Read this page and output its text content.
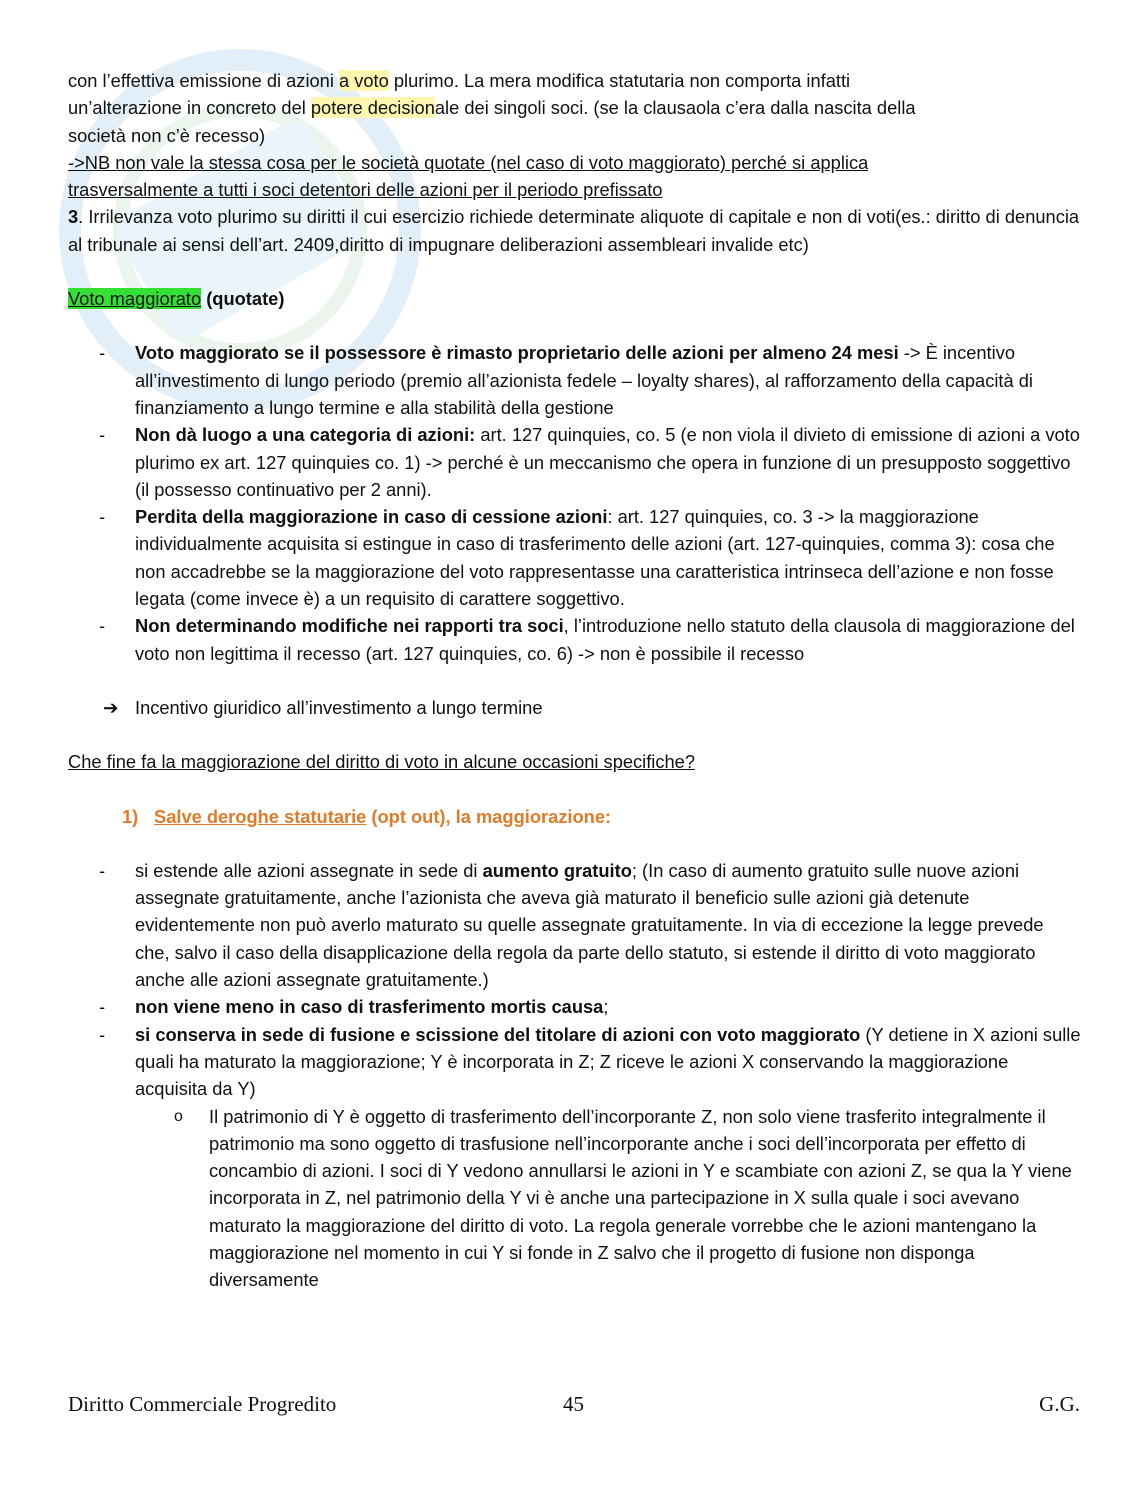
con l’effettiva emissione di azioni a voto plurimo. La mera modifica statutaria non comporta infatti

un’alterazione in concreto del potere decisionale dei singoli soci. (se la clausaola c’era dalla nascita della

società non c’è recesso)

->NB non vale la stessa cosa per le società quotate (nel caso di voto maggiorato) perché si applica

trasversalmente a tutti i soci detentori delle azioni per il periodo prefissato

3. Irrilevanza voto plurimo su diritti il cui esercizio richiede determinate aliquote di capitale e non di voti(es.: diritto di denuncia al tribunale ai sensi dell’art. 2409,diritto di impugnare deliberazioni assembleari invalide etc)

Voto maggiorato (quotate)

- Voto maggiorato se il possessore è rimasto proprietario delle azioni per almeno 24 mesi -> È incentivo all’investimento di lungo periodo (premio all’azionista fedele – loyalty shares), al rafforzamento della capacità di finanziamento a lungo termine e alla stabilità della gestione
- Non dà luogo a una categoria di azioni: art. 127 quinquies, co. 5 (e non viola il divieto di emissione di azioni a voto plurimo ex art. 127 quinquies co. 1) -> perché è un meccanismo che opera in funzione di un presupposto soggettivo (il possesso continuativo per 2 anni).
- Perdita della maggiorazione in caso di cessione azioni: art. 127 quinquies, co. 3 -> la maggiorazione individualmente acquisita si estingue in caso di trasferimento delle azioni (art. 127-quinquies, comma 3): cosa che non accadrebbe se la maggiorazione del voto rappresentasse una caratteristica intrinseca dell’azione e non fosse legata (come invece è) a un requisito di carattere soggettivo.
- Non determinando modifiche nei rapporti tra soci, l’introduzione nello statuto della clausola di maggiorazione del voto non legittima il recesso (art. 127 quinquies, co. 6) -> non è possibile il recesso

➔ Incentivo giuridico all’investimento a lungo termine

Che fine fa la maggiorazione del diritto di voto in alcune occasioni specifiche?

1) Salve deroghe statutarie (opt out), la maggiorazione:

- si estende alle azioni assegnate in sede di aumento gratuito; (In caso di aumento gratuito sulle nuove azioni assegnate gratuitamente, anche l’azionista che aveva già maturato il beneficio sulle azioni già detenute evidentemente non può averlo maturato su quelle assegnate gratuitamente. In via di eccezione la legge prevede che, salvo il caso della disapplicazione della regola da parte dello statuto, si estende il diritto di voto maggiorato anche alle azioni assegnate gratuitamente.)
- non viene meno in caso di trasferimento mortis causa;
- si conserva in sede di fusione e scissione del titolare di azioni con voto maggiorato (Y detiene in X azioni sulle quali ha maturato la maggiorazione; Y è incorporata in Z; Z riceve le azioni X conservando la maggiorazione acquisita da Y)
o Il patrimonio di Y è oggetto di trasferimento dell’incorporante Z, non solo viene trasferito integralmente il patrimonio ma sono oggetto di trasfusione nell’incorporante anche i soci dell’incorporata per effetto di concambio di azioni. I soci di Y vedono annullarsi le azioni in Y e scambiate con azioni Z, se qua la Y viene incorporata in Z, nel patrimonio della Y vi è anche una partecipazione in X sulla quale i soci avevano maturato la maggiorazione del diritto di voto. La regola generale vorrebbe che le azioni mantengano la maggiorazione nel momento in cui Y si fonde in Z salvo che il progetto di fusione non disponga diversamente
Diritto Commerciale Progredito	45	G.G.
